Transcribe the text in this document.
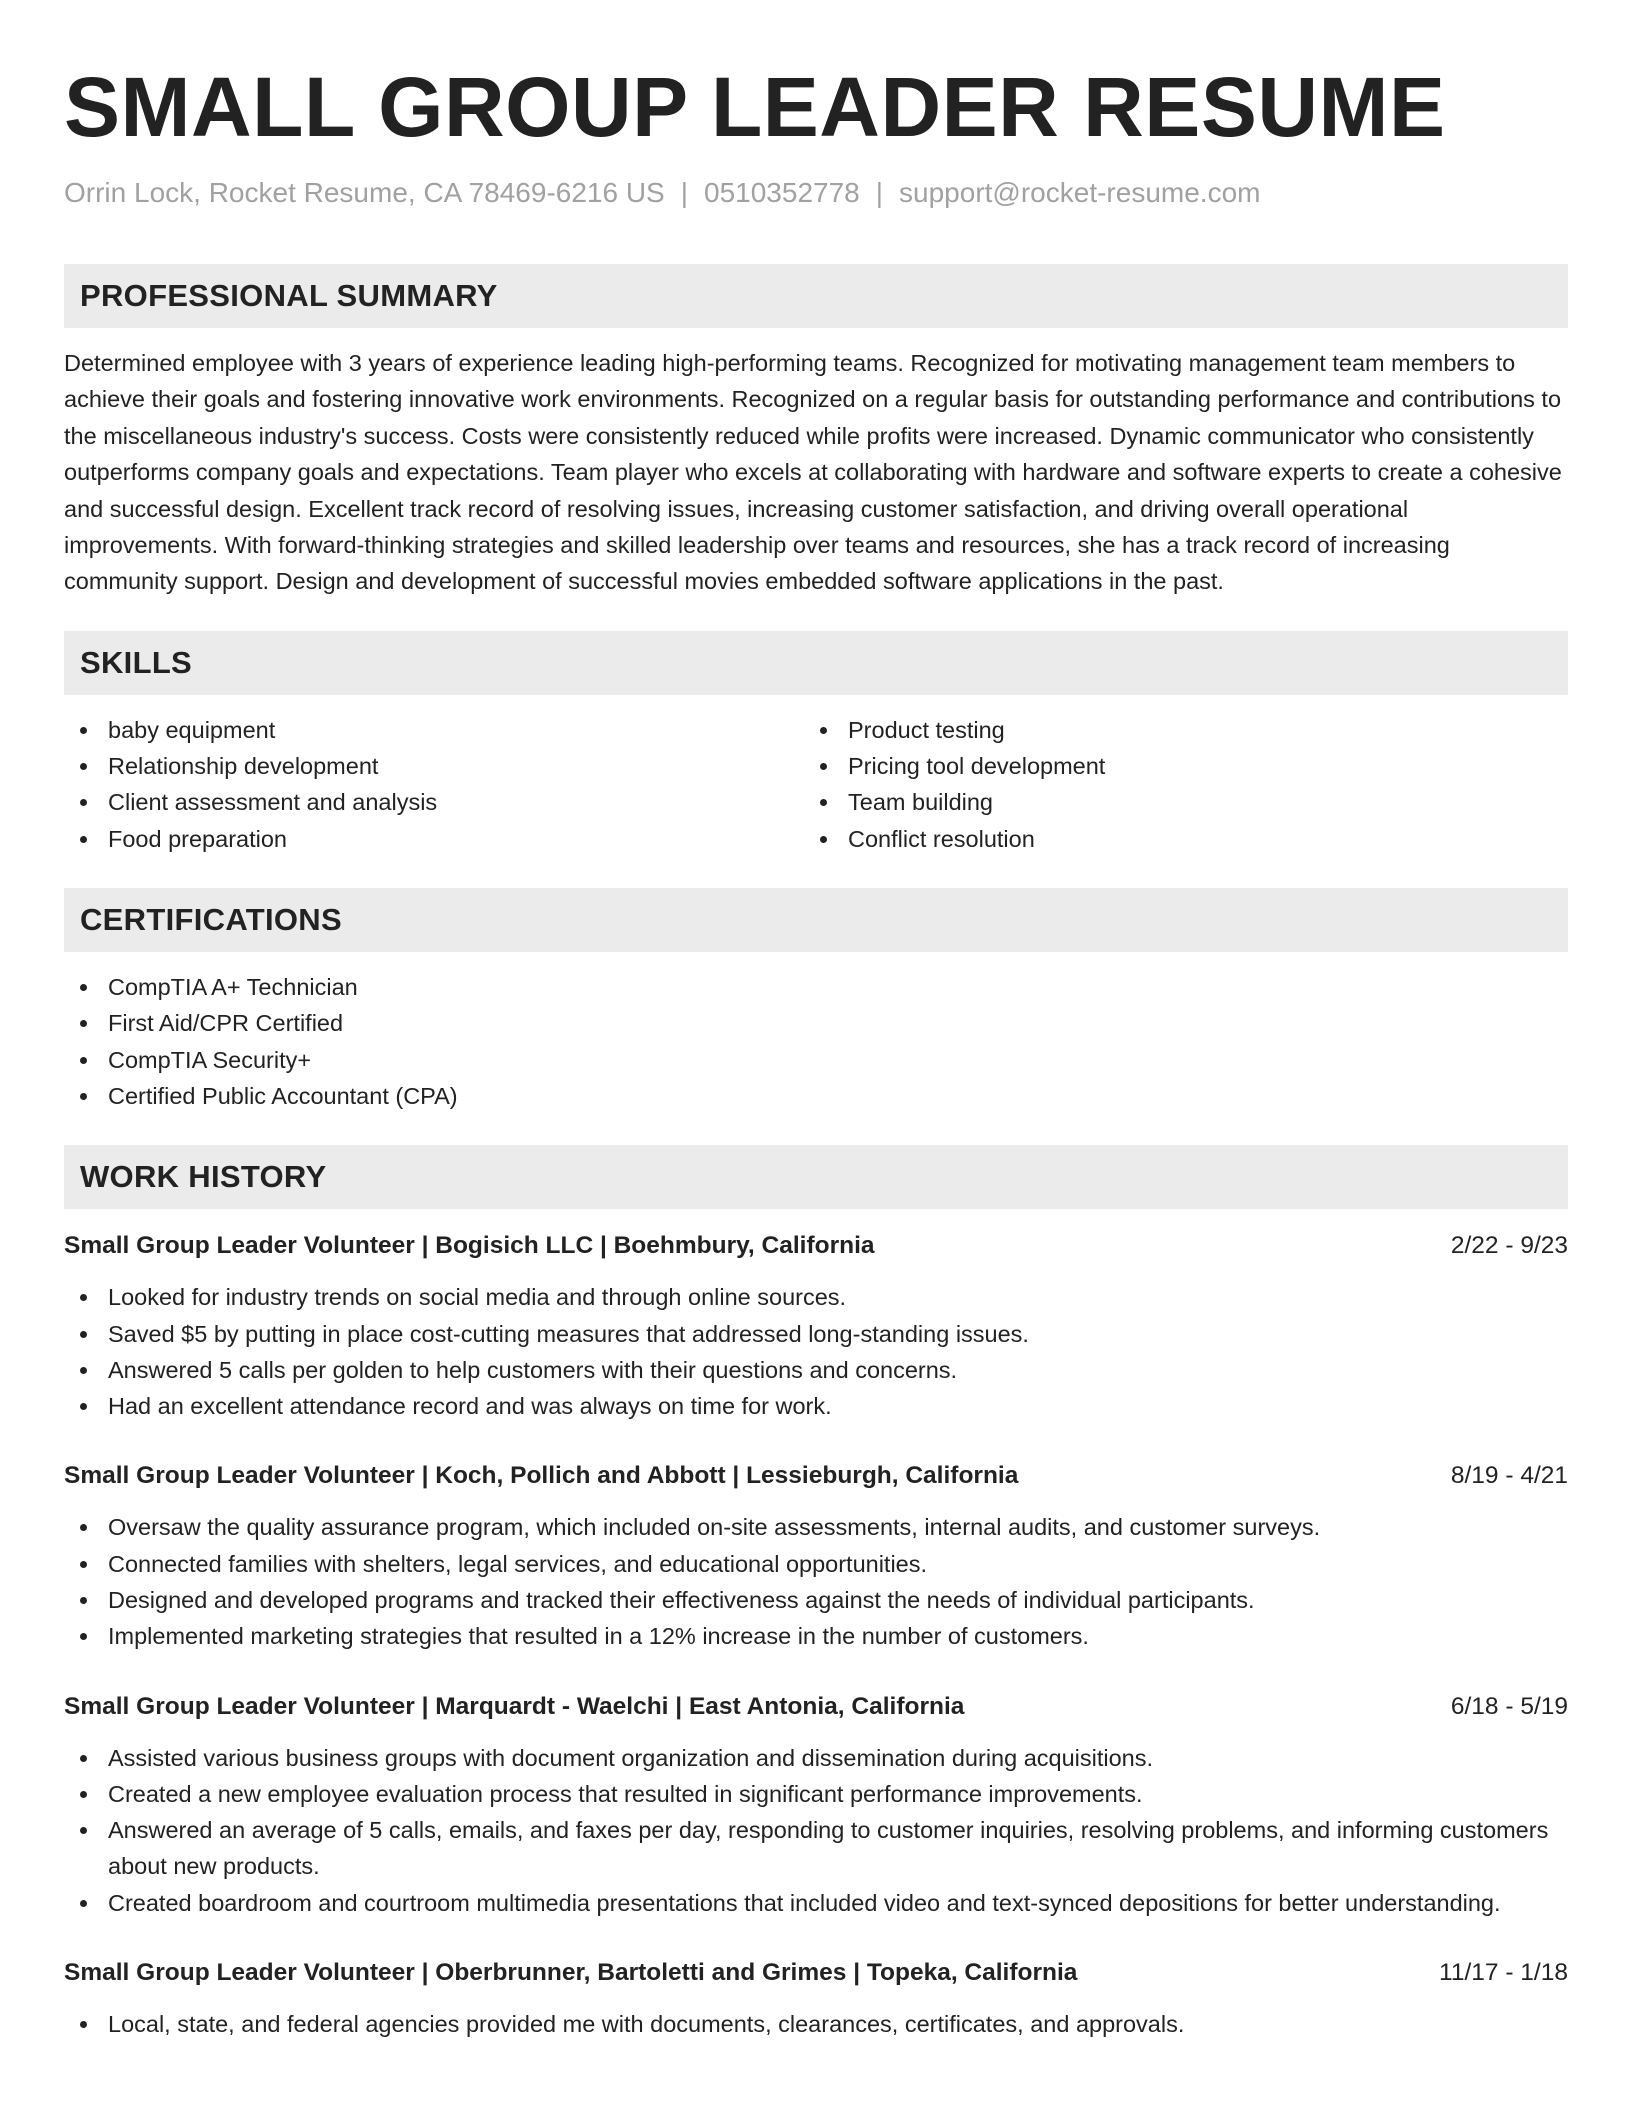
SMALL GROUP LEADER RESUME
Orrin Lock, Rocket Resume, CA 78469-6216 US | 0510352778 | support@rocket-resume.com
PROFESSIONAL SUMMARY

Determined employee with 3 years of experience leading high-performing teams. Recognized for motivating management team members to achieve their goals and fostering innovative work environments. Recognized on a regular basis for outstanding performance and contributions to the miscellaneous industry's success. Costs were consistently reduced while profits were increased. Dynamic communicator who consistently outperforms company goals and expectations. Team player who excels at collaborating with hardware and software experts to create a cohesive and successful design. Excellent track record of resolving issues, increasing customer satisfaction, and driving overall operational improvements. With forward-thinking strategies and skilled leadership over teams and resources, she has a track record of increasing community support. Design and development of successful movies embedded software applications in the past.

SKILLS
baby equipment
Relationship development
Client assessment and analysis
Food preparation
Product testing
Pricing tool development
Team building
Conflict resolution
CERTIFICATIONS
CompTIA A+ Technician
First Aid/CPR Certified
CompTIA Security+
Certified Public Accountant (CPA)
WORK HISTORY
Small Group Leader Volunteer | Bogisich LLC | Boehmbury, California	2/22 - 9/23
Looked for industry trends on social media and through online sources.
Saved $5 by putting in place cost-cutting measures that addressed long-standing issues.
Answered 5 calls per golden to help customers with their questions and concerns.
Had an excellent attendance record and was always on time for work.
Small Group Leader Volunteer | Koch, Pollich and Abbott | Lessieburgh, California	8/19 - 4/21
Oversaw the quality assurance program, which included on-site assessments, internal audits, and customer surveys.
Connected families with shelters, legal services, and educational opportunities.
Designed and developed programs and tracked their effectiveness against the needs of individual participants.
Implemented marketing strategies that resulted in a 12% increase in the number of customers.
Small Group Leader Volunteer | Marquardt - Waelchi | East Antonia, California	6/18 - 5/19
Assisted various business groups with document organization and dissemination during acquisitions.
Created a new employee evaluation process that resulted in significant performance improvements.
Answered an average of 5 calls, emails, and faxes per day, responding to customer inquiries, resolving problems, and informing customers about new products.
Created boardroom and courtroom multimedia presentations that included video and text-synced depositions for better understanding.
Small Group Leader Volunteer | Oberbrunner, Bartoletti and Grimes | Topeka, California	11/17 - 1/18
Local, state, and federal agencies provided me with documents, clearances, certificates, and approvals.
